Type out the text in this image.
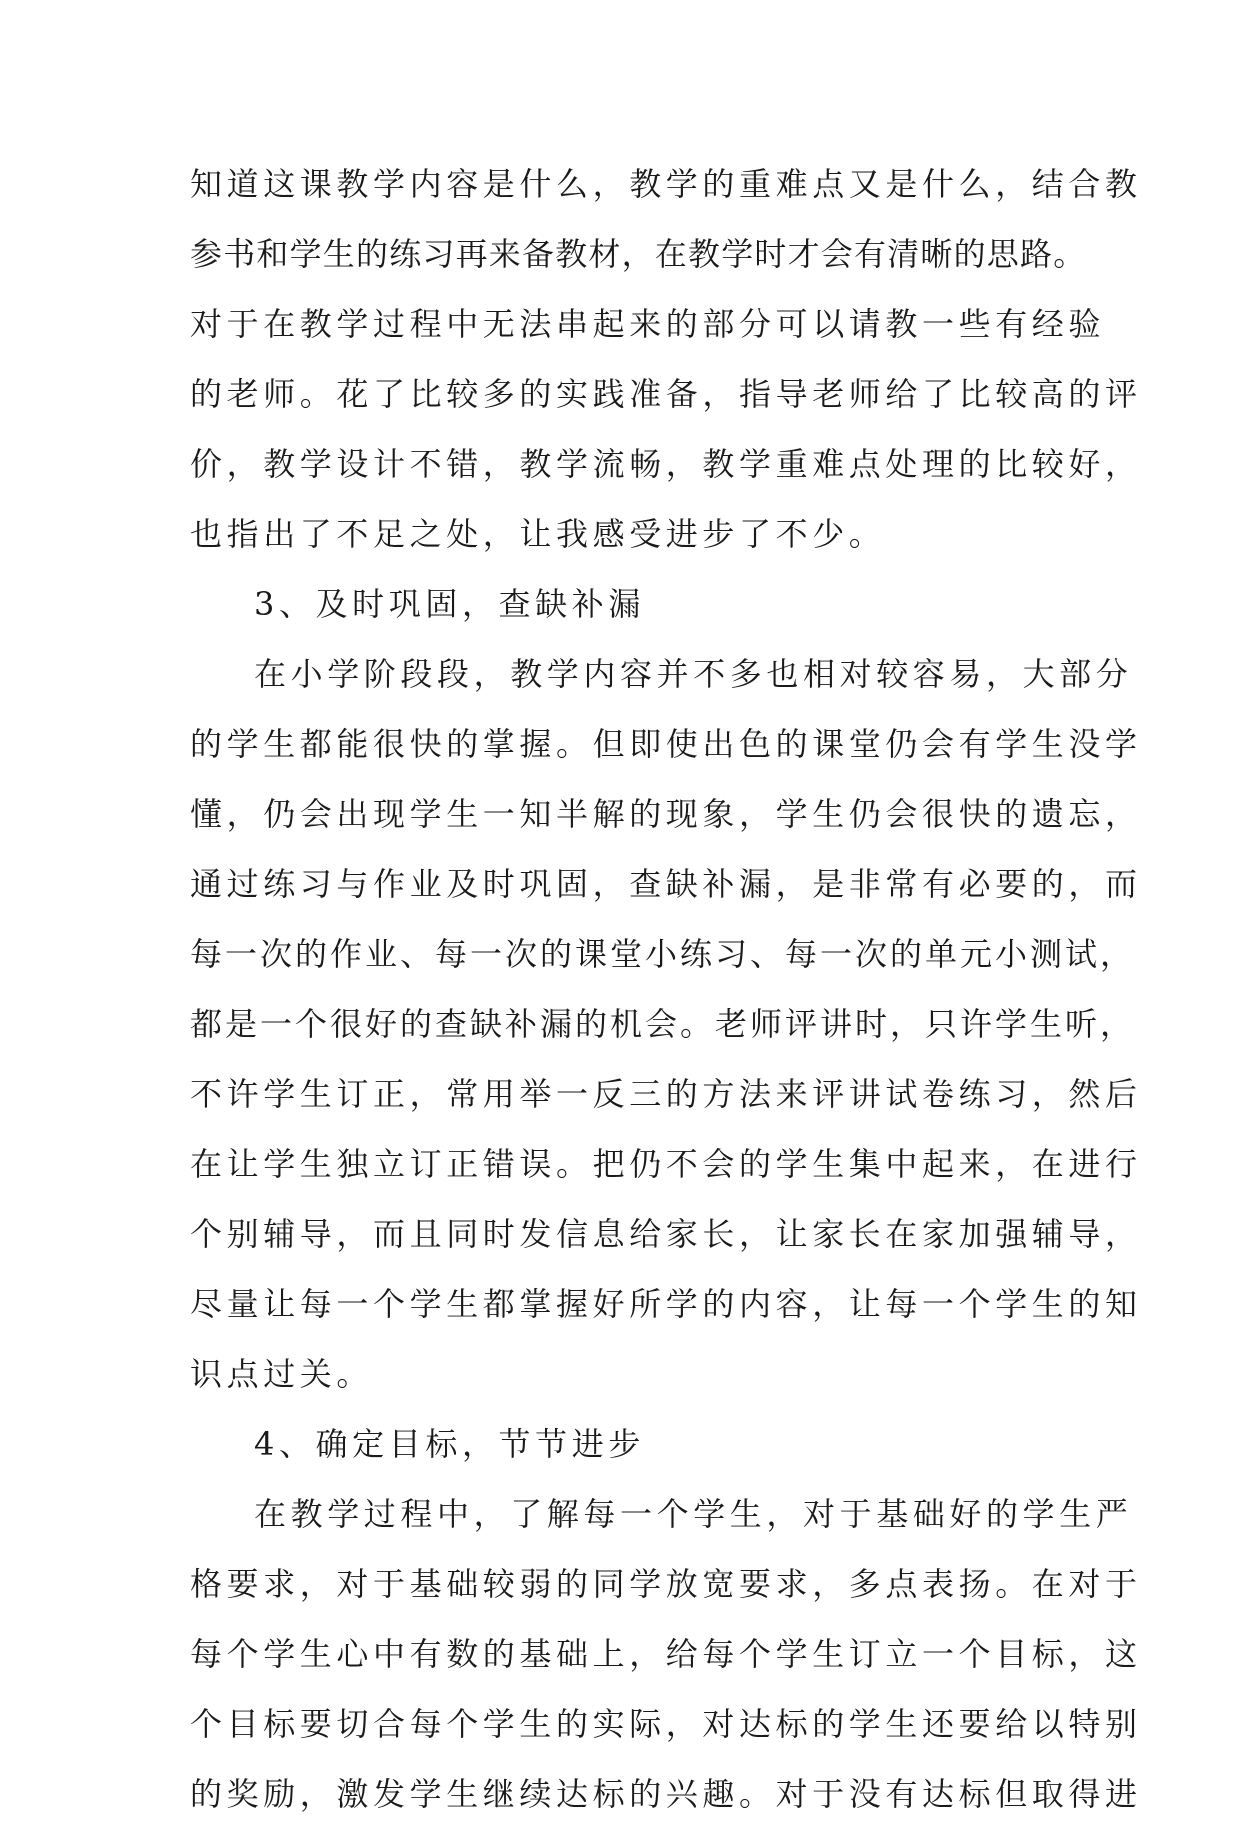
知道这课教学内容是什么，教学的重难点又是什么，结合教
参书和学生的练习再来备教材，在教学时才会有清晰的思路。
对于在教学过程中无法串起来的部分可以请教一些有经验
的老师。花了比较多的实践准备，指导老师给了比较高的评
价，教学设计不错，教学流畅，教学重难点处理的比较好，
也指出了不足之处，让我感受进步了不少。
3、及时巩固，查缺补漏
在小学阶段段，教学内容并不多也相对较容易，大部分
的学生都能很快的掌握。但即使出色的课堂仍会有学生没学
懂，仍会出现学生一知半解的现象，学生仍会很快的遗忘，
通过练习与作业及时巩固，查缺补漏，是非常有必要的，而
每一次的作业、每一次的课堂小练习、每一次的单元小测试，
都是一个很好的查缺补漏的机会。老师评讲时，只许学生听，
不许学生订正，常用举一反三的方法来评讲试卷练习，然后
在让学生独立订正错误。把仍不会的学生集中起来，在进行
个别辅导，而且同时发信息给家长，让家长在家加强辅导，
尽量让每一个学生都掌握好所学的内容，让每一个学生的知
识点过关。
4、确定目标，节节进步
在教学过程中，了解每一个学生，对于基础好的学生严
格要求，对于基础较弱的同学放宽要求，多点表扬。在对于
每个学生心中有数的基础上，给每个学生订立一个目标，这
个目标要切合每个学生的实际，对达标的学生还要给以特别
的奖励，激发学生继续达标的兴趣。对于没有达标但取得进
